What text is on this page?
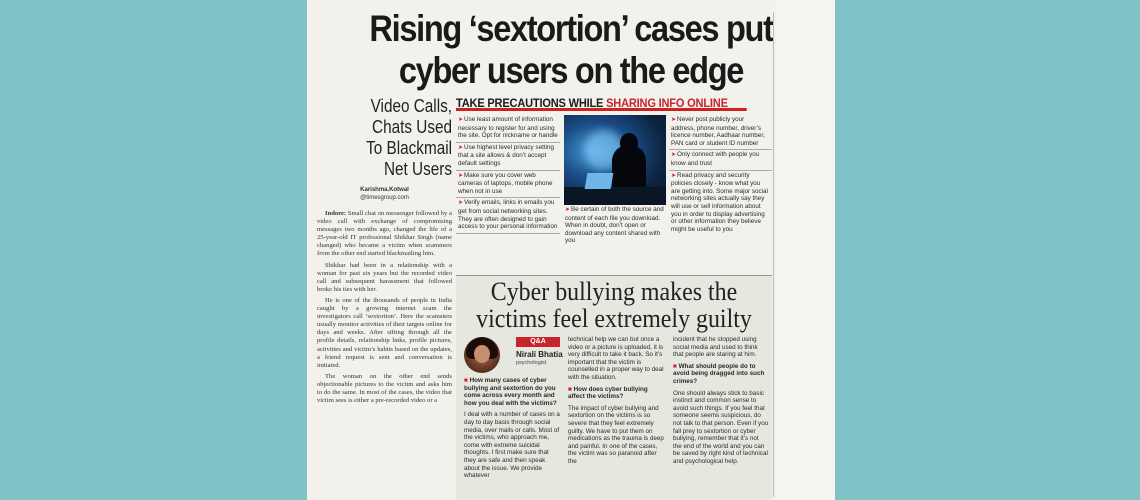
Rising ‘sextortion’ cases put
cyber users on the edge
Video Calls,
Chats Used
To Blackmail
Net Users
Karishma.Kotwal
@timesgroup.com

Indore: Small chat on messenger followed by a video call with exchange of compromising messages two months ago, changed the life of a 25-year-old IT professional Shikhar Singh (name changed) who became a victim when scammers from the other end started blackmailing him.

Shikhar had been in a relationship with a woman for past six years but the recorded video call and subsequent harassment that followed broke his ties with her.

He is one of the thousands of people in India caught by a growing internet scam the investigators call ‘sextortion’. Here the scamsters usually monitor activities of their targets online for days and weeks. After sifting through all the profile details, relationship links, profile pictures, activities and victim’s habits based on the updates, a friend request is sent and conversation is initiated.

The woman on the other end sends objectionable pictures to the victim and asks him to do the same. In most of the cases, the video that victim sees is either a pre-recorded video or a

TAKE PRECAUTIONS WHILE SHARING INFO ONLINE
➤Use least amount of information necessary to register for and using the site. Opt for nickname or handle
➤Use highest level privacy setting that a site allows & don’t accept default settings
➤Make sure you cover web cameras of laptops, mobile phone when not in use
➤Verify emails, links in emails you get from social networking sites. They are often designed to gain access to your personal information
➤Be certain of both the source and content of each file you download. When in doubt, don’t open or download any content shared with you
➤Never post publicly your address, phone number, driver’s licence number, Aadhaar number, PAN card or student ID number
➤Only connect with people you know and trust
➤Read privacy and security policies closely - know what you are getting into. Some major social networking sites actually say they will use or sell information about you in order to display advertising or other information they believe might be useful to you
Cyber bullying makes the
victims feel extremely guilty
Q&A
Nirali Bhatia
psychologist

■ How many cases of cyber bullying and sextortion do you come across every month and how you deal with the victims?

I deal with a number of cases on a day to day basis through social media, over mails or calls. Most of the victims, who approach me, come with extreme suicidal thoughts. I first make sure that they are safe and then speak about the issue. We provide whatever

technical help we can but once a video or a picture is uploaded, it is very difficult to take it back. So it’s important that the victim is counselled in a proper way to deal with the situation.

■ How does cyber bullying affect the victims?

The impact of cyber bullying and sextortion on the victims is so severe that they feel extremely guilty. We have to put them on medications as the trauma is deep and painful. In one of the cases, the victim was so paranoid after the

incident that he stopped using social media and used to think that people are staring at him.

■ What should people do to avoid being dragged into such crimes?

One should always stick to basic instinct and common sense to avoid such things. If you feel that someone seems suspicious, do not talk to that person. Even if you fall prey to sextortion or cyber bullying, remember that it’s not the end of the world and you can be saved by right kind of technical and psychological help.
